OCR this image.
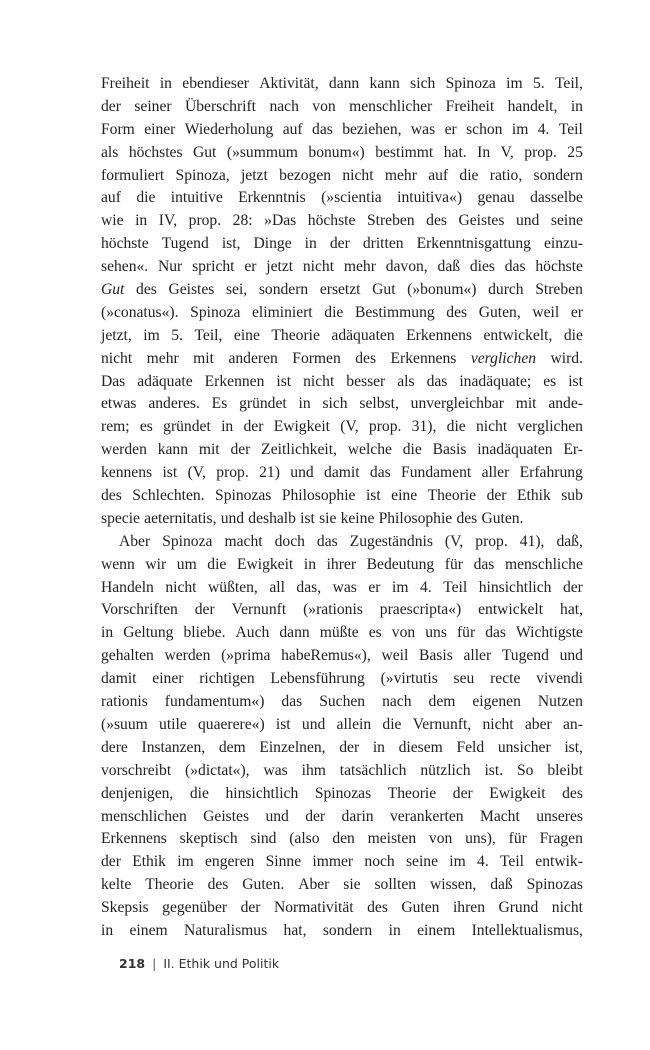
Freiheit in ebendieser Aktivität, dann kann sich Spinoza im 5. Teil,
der seiner Überschrift nach von menschlicher Freiheit handelt, in
Form einer Wiederholung auf das beziehen, was er schon im 4. Teil
als höchstes Gut (»summum bonum«) bestimmt hat. In V, prop. 25
formuliert Spinoza, jetzt bezogen nicht mehr auf die ratio, sondern
auf die intuitive Erkenntnis (»scientia intuitiva«) genau dasselbe
wie in IV, prop. 28: »Das höchste Streben des Geistes und seine
höchste Tugend ist, Dinge in der dritten Erkenntnisgattung einzu-
sehen«. Nur spricht er jetzt nicht mehr davon, daß dies das höchste
Gut des Geistes sei, sondern ersetzt Gut (»bonum«) durch Streben
(»conatus«). Spinoza eliminiert die Bestimmung des Guten, weil er
jetzt, im 5. Teil, eine Theorie adäquaten Erkennens entwickelt, die
nicht mehr mit anderen Formen des Erkennens verglichen wird.
Das adäquate Erkennen ist nicht besser als das inadäquate; es ist
etwas anderes. Es gründet in sich selbst, unvergleichbar mit ande-
rem; es gründet in der Ewigkeit (V, prop. 31), die nicht verglichen
werden kann mit der Zeitlichkeit, welche die Basis inadäquaten Er-
kennens ist (V, prop. 21) und damit das Fundament aller Erfahrung
des Schlechten. Spinozas Philosophie ist eine Theorie der Ethik sub
specie aeternitatis, und deshalb ist sie keine Philosophie des Guten.
Aber Spinoza macht doch das Zugeständnis (V, prop. 41), daß,
wenn wir um die Ewigkeit in ihrer Bedeutung für das menschliche
Handeln nicht wüßten, all das, was er im 4. Teil hinsichtlich der
Vorschriften der Vernunft (»rationis praescripta«) entwickelt hat,
in Geltung bliebe. Auch dann müßte es von uns für das Wichtigste
gehalten werden (»prima habeRemus«), weil Basis aller Tugend und
damit einer richtigen Lebensführung (»virtutis seu recte vivendi
rationis fundamentum«) das Suchen nach dem eigenen Nutzen
(»suum utile quaerere«) ist und allein die Vernunft, nicht aber an-
dere Instanzen, dem Einzelnen, der in diesem Feld unsicher ist,
vorschreibt (»dictat«), was ihm tatsächlich nützlich ist. So bleibt
denjenigen, die hinsichtlich Spinozas Theorie der Ewigkeit des
menschlichen Geistes und der darin verankerten Macht unseres
Erkennens skeptisch sind (also den meisten von uns), für Fragen
der Ethik im engeren Sinne immer noch seine im 4. Teil entwik-
kelte Theorie des Guten. Aber sie sollten wissen, daß Spinozas
Skepsis gegenüber der Normativität des Guten ihren Grund nicht
in einem Naturalismus hat, sondern in einem Intellektualismus,
218 | II. Ethik und Politik
